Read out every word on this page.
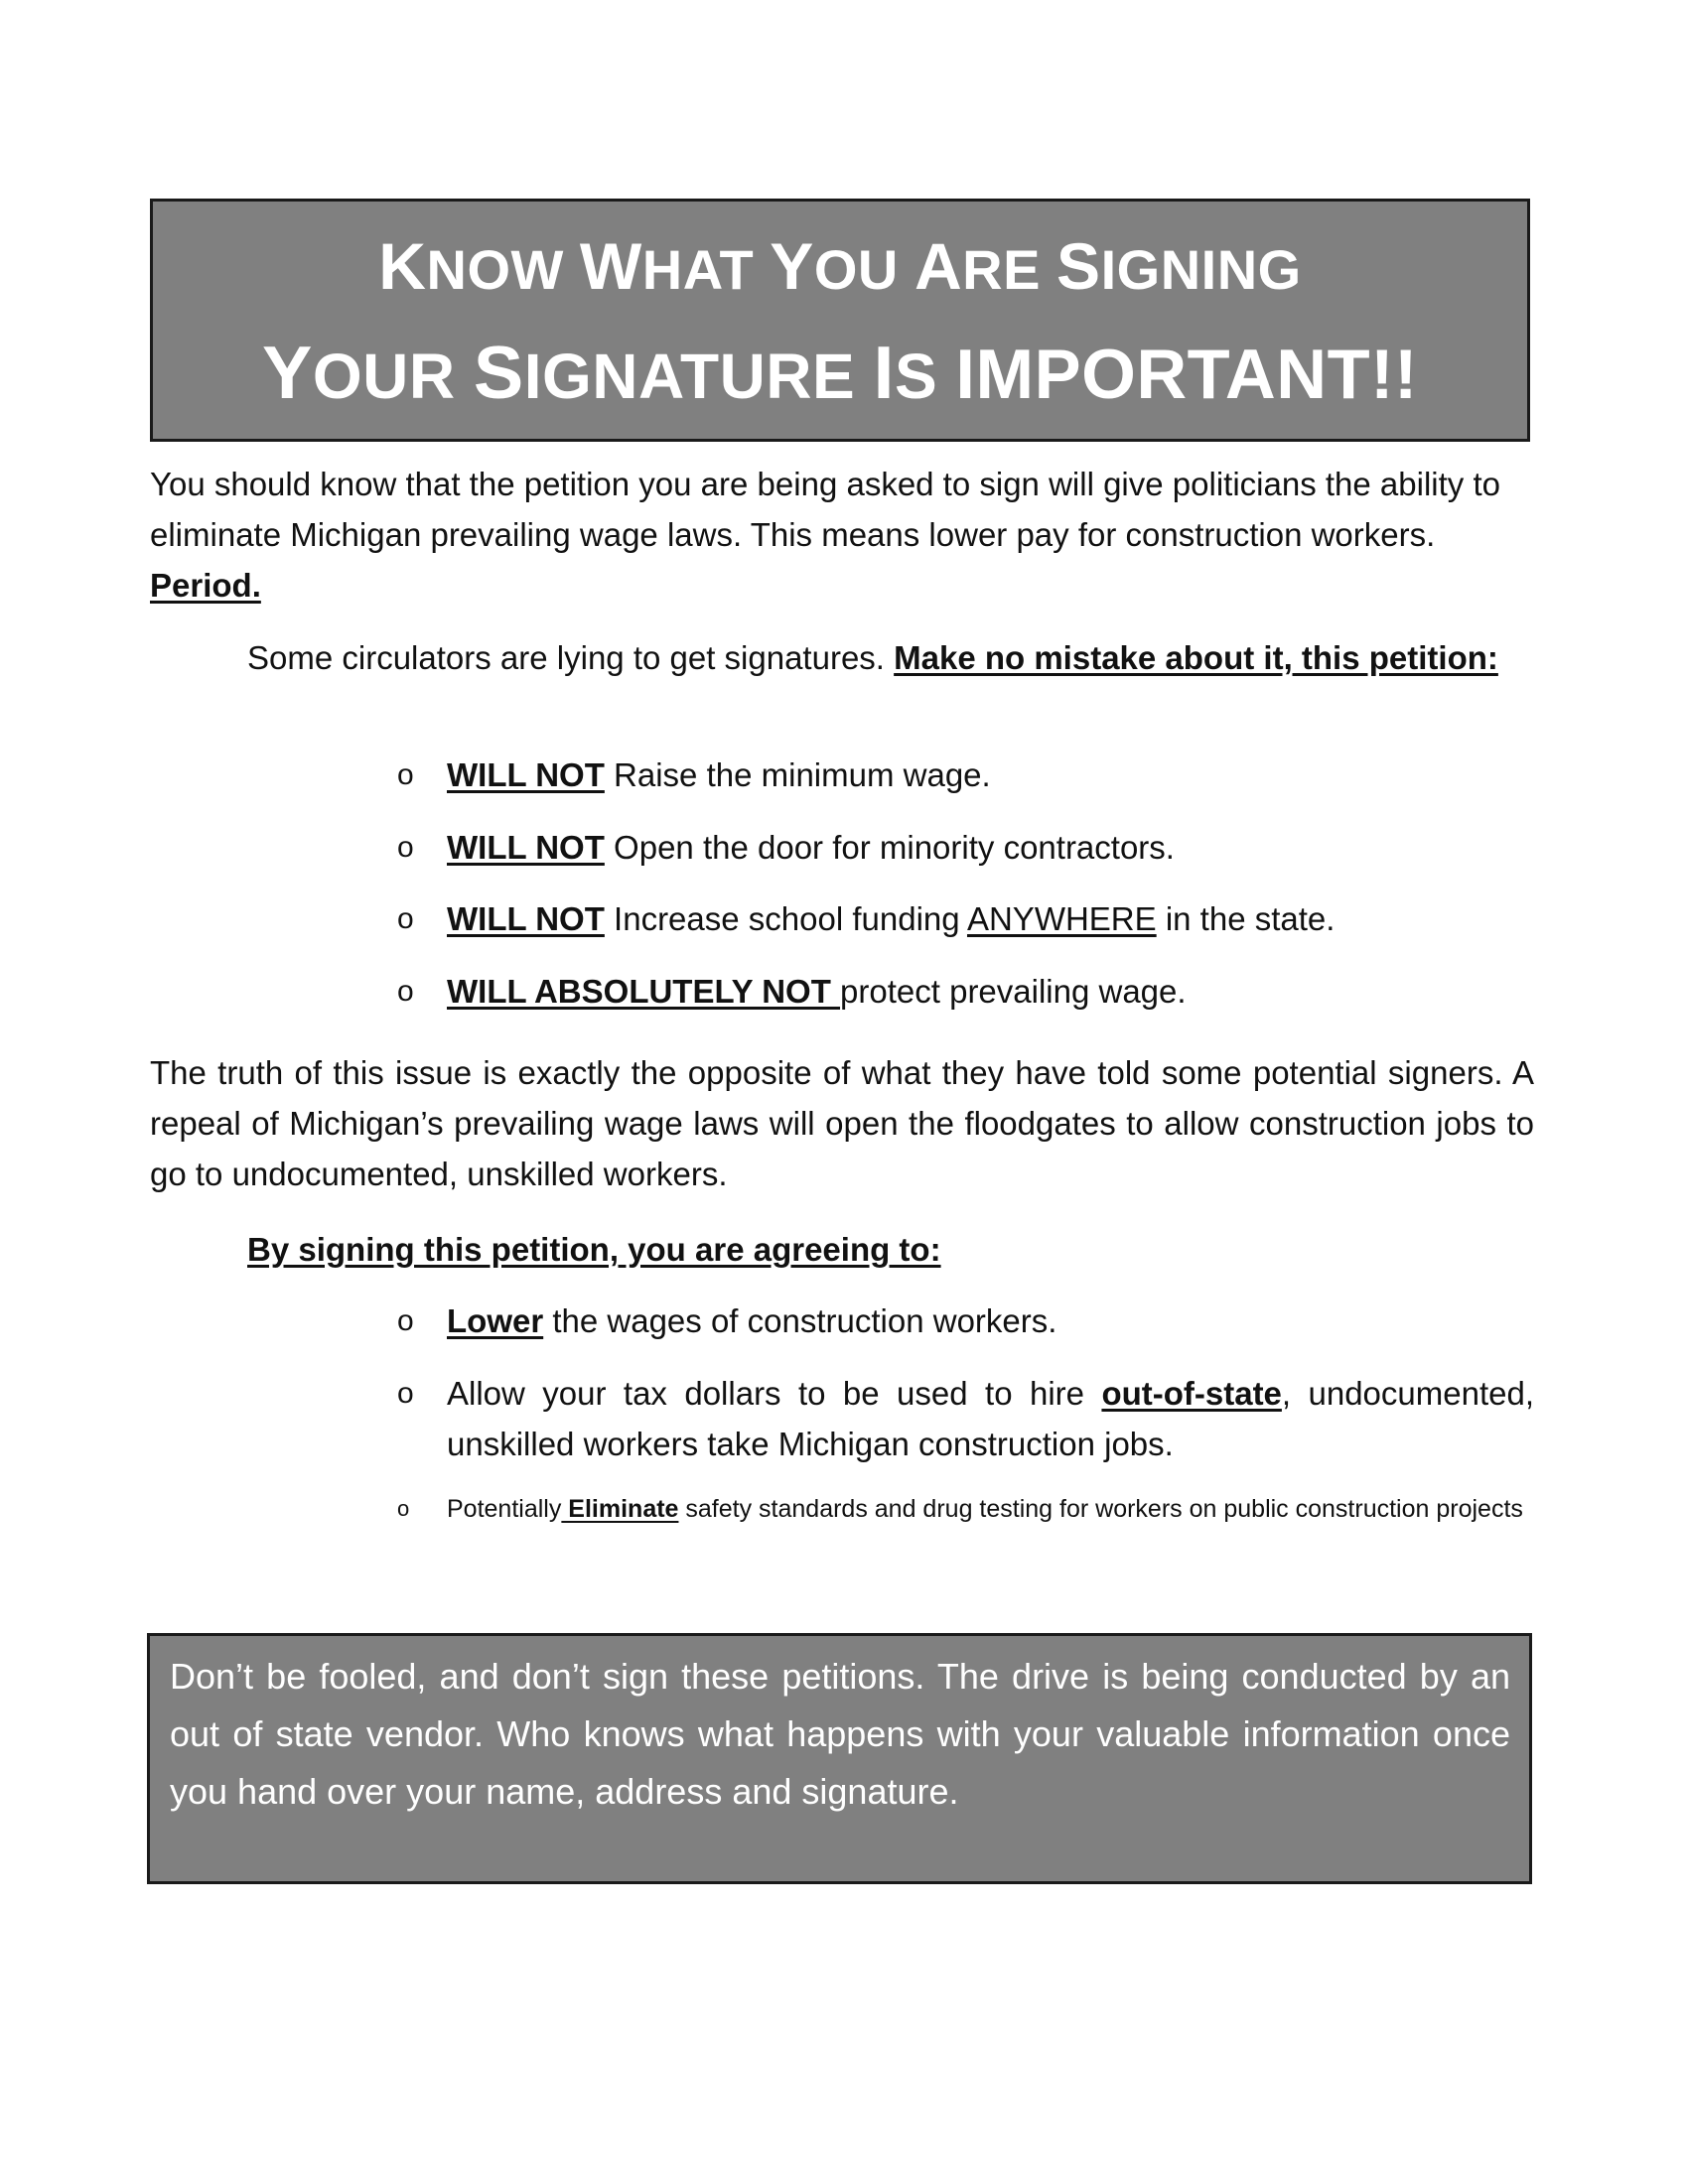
KNOW WHAT YOU ARE SIGNING
YOUR SIGNATURE IS IMPORTANT!!
You should know that the petition you are being asked to sign will give politicians the ability to eliminate Michigan prevailing wage laws. This means lower pay for construction workers. Period.
Some circulators are lying to get signatures. Make no mistake about it, this petition:
o	WILL NOT Raise the minimum wage.
o	WILL NOT Open the door for minority contractors.
o	WILL NOT Increase school funding ANYWHERE in the state.
o	WILL ABSOLUTELY NOT protect prevailing wage.
The truth of this issue is exactly the opposite of what they have told some potential signers. A repeal of Michigan’s prevailing wage laws will open the floodgates to allow construction jobs to go to undocumented, unskilled workers.
By signing this petition, you are agreeing to:
o	Lower the wages of construction workers.
o	Allow your tax dollars to be used to hire out-of-state, undocumented, unskilled workers take Michigan construction jobs.
o Potentially Eliminate safety standards and drug testing for workers on public construction projects
Don’t be fooled, and don’t sign these petitions. The drive is being conducted by an out of state vendor. Who knows what happens with your valuable information once you hand over your name, address and signature.
